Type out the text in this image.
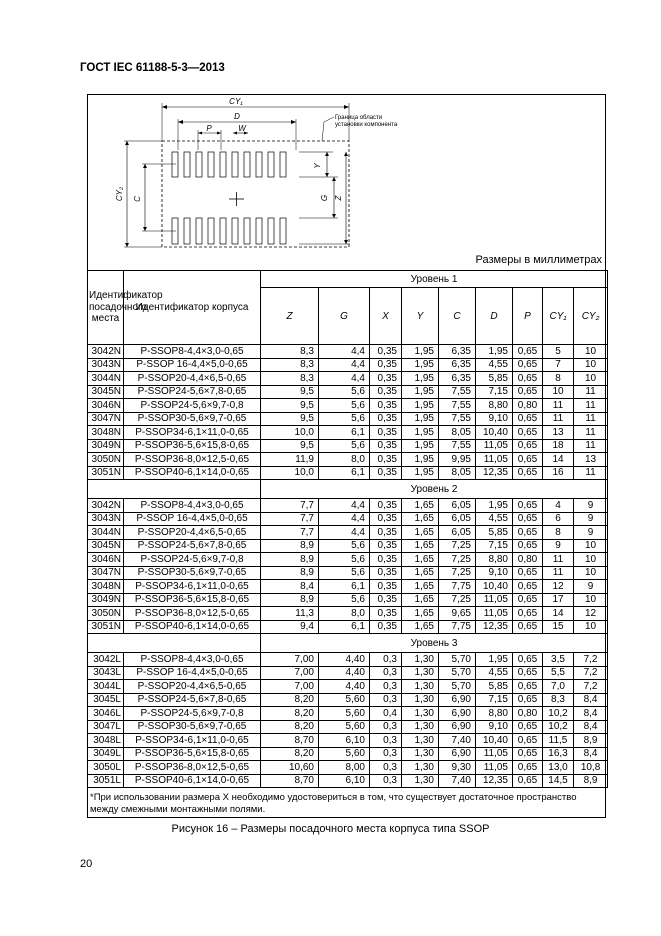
ГОСТ IEC 61188-5-3—2013
CY₁
D
P	W
Y
G Z
C
CY₂
Граница области
установки компонента
Размеры в миллиметрах
Идентификатор посадочного места	Идентификатор корпуса	Уровень 1								
		Z	G	X	Y	C	D	P	CY₁	CY₂
3042N	P-SSOP8-4,4×3,0-0,65	8,3	4,4	0,35	1,95	6,35	1,95	0,65	5	10
3043N	P-SSOP 16-4,4×5,0-0,65	8,3	4,4	0,35	1,95	6,35	4,55	0,65	7	10
3044N	P-SSOP20-4,4×6,5-0,65	8,3	4,4	0,35	1,95	6,35	5,85	0,65	8	10
3045N	P-SSOP24-5,6×7,8-0,65	9,5	5,6	0,35	1,95	7,55	7,15	0,65	10	11
3046N	P-SSOP24-5,6×9,7-0,8	9,5	5,6	0,35	1,95	7,55	8,80	0,80	11	11
3047N	P-SSOP30-5,6×9,7-0,65	9,5	5,6	0,35	1,95	7,55	9,10	0,65	11	11
3048N	P-SSOP34-6,1×11,0-0,65	10,0	6,1	0,35	1,95	8,05	10,40	0,65	13	11
3049N	P-SSOP36-5,6×15,8-0,65	9,5	5,6	0,35	1,95	7,55	11,05	0,65	18	11
3050N	P-SSOP36-8,0×12,5-0,65	11,9	8,0	0,35	1,95	9,95	11,05	0,65	14	13
3051N	P-SSOP40-6,1×14,0-0,65	10,0	6,1	0,35	1,95	8,05	12,35	0,65	16	11
		Уровень 2								
3042N	P-SSOP8-4,4×3,0-0,65	7,7	4,4	0,35	1,65	6,05	1,95	0,65	4	9
3043N	P-SSOP 16-4,4×5,0-0,65	7,7	4,4	0,35	1,65	6,05	4,55	0,65	6	9
3044N	P-SSOP20-4,4×6,5-0,65	7,7	4,4	0,35	1,65	6,05	5,85	0,65	8	9
3045N	P-SSOP24-5,6×7,8-0,65	8,9	5,6	0,35	1,65	7,25	7,15	0,65	9	10
3046N	P-SSOP24-5,6×9,7-0,8	8,9	5,6	0,35	1,65	7,25	8,80	0,80	11	10
3047N	P-SSOP30-5,6×9,7-0,65	8,9	5,6	0,35	1,65	7,25	9,10	0,65	11	10
3048N	P-SSOP34-6,1×11,0-0,65	8,4	6,1	0,35	1,65	7,75	10,40	0,65	12	9
3049N	P-SSOP36-5,6×15,8-0,65	8,9	5,6	0,35	1,65	7,25	11,05	0,65	17	10
3050N	P-SSOP36-8,0×12,5-0,65	11,3	8,0	0,35	1,65	9,65	11,05	0,65	14	12
3051N	P-SSOP40-6,1×14,0-0,65	9,4	6,1	0,35	1,65	7,75	12,35	0,65	15	10
		Уровень 3								
3042L	P-SSOP8-4,4×3,0-0,65	7,00	4,40	0,3	1,30	5,70	1,95	0,65	3,5	7,2
3043L	P-SSOP 16-4,4×5,0-0,65	7,00	4,40	0,3	1,30	5,70	4,55	0,65	5,5	7,2
3044L	P-SSOP20-4,4×6,5-0,65	7,00	4,40	0,3	1,30	5,70	5,85	0,65	7,0	7,2
3045L	P-SSOP24-5,6×7,8-0,65	8,20	5,60	0,3	1,30	6,90	7,15	0,65	8,3	8,4
3046L	P-SSOP24-5,6×9,7-0,8	8,20	5,60	0,4	1,30	6,90	8,80	0,80	10,2	8,4
3047L	P-SSOP30-5,6×9,7-0,65	8,20	5,60	0,3	1,30	6,90	9,10	0,65	10,2	8,4
3048L	P-SSOP34-6,1×11,0-0,65	8,70	6,10	0,3	1,30	7,40	10,40	0,65	11,5	8,9
3049L	P-SSOP36-5,6×15,8-0,65	8,20	5,60	0,3	1,30	6,90	11,05	0,65	16,3	8,4
3050L	P-SSOP36-8,0×12,5-0,65	10,60	8,00	0,3	1,30	9,30	11,05	0,65	13,0	10,8
3051L	P-SSOP40-6,1×14,0-0,65	8,70	6,10	0,3	1,30	7,40	12,35	0,65	14,5	8,9
*При использовании размера X необходимо удостовериться в том, что существует достаточное пространство между смежными монтажными полями.
Рисунок 16 – Размеры посадочного места корпуса типа SSOP
20
